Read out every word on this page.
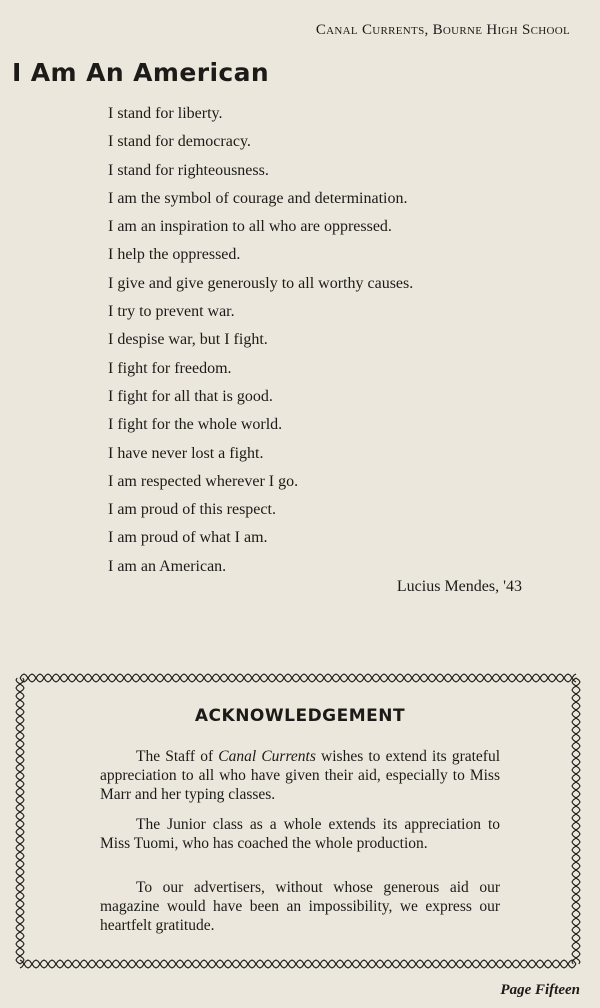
Canal Currents, Bourne High School
I Am An American
I stand for liberty.
I stand for democracy.
I stand for righteousness.
I am the symbol of courage and determination.
I am an inspiration to all who are oppressed.
I help the oppressed.
I give and give generously to all worthy causes.
I try to prevent war.
I despise war, but I fight.
I fight for freedom.
I fight for all that is good.
I fight for the whole world.
I have never lost a fight.
I am respected wherever I go.
I am proud of this respect.
I am proud of what I am.
I am an American.
Lucius Mendes, '43
ACKNOWLEDGEMENT

The Staff of Canal Currents wishes to extend its grateful appreciation to all who have given their aid, especially to Miss Marr and her typing classes.

The Junior class as a whole extends its appreciation to Miss Tuomi, who has coached the whole production.

To our advertisers, without whose generous aid our magazine would have been an impossibility, we express our heartfelt gratitude.

Page Fifteen
